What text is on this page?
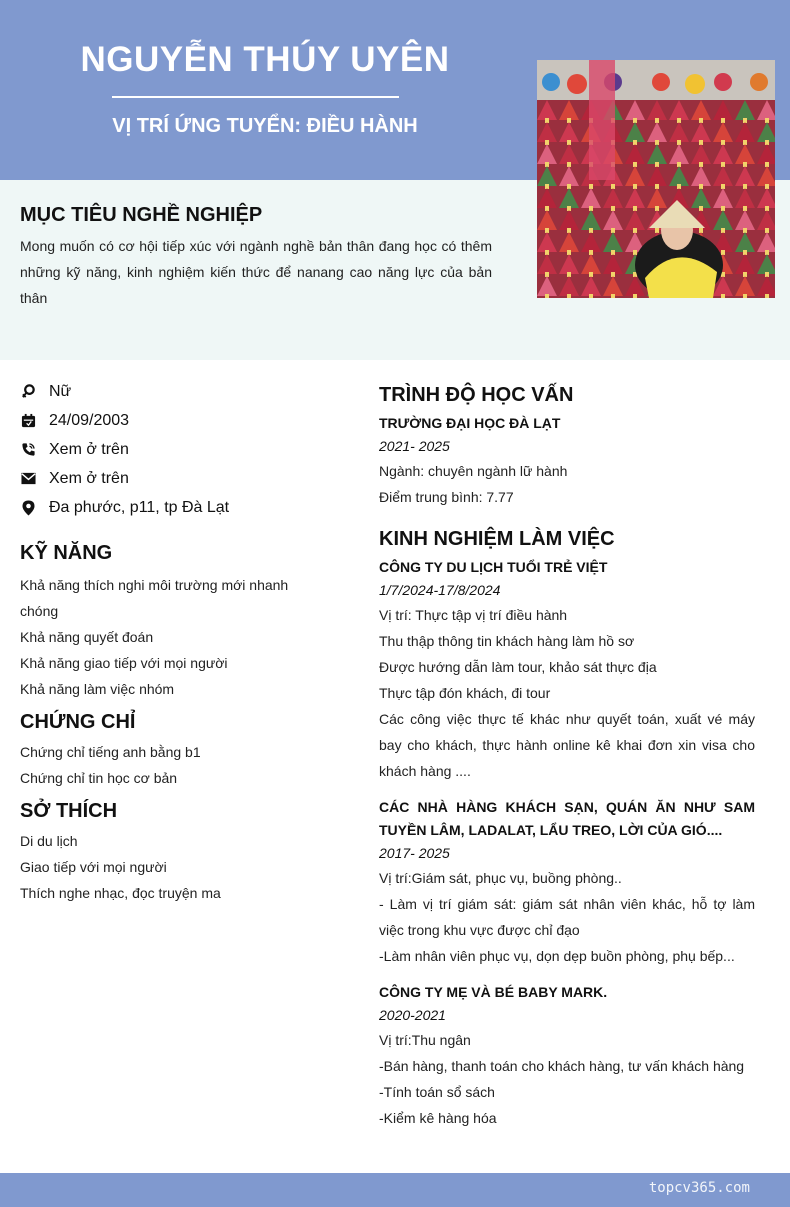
NGUYỄN THÚY UYÊN
VỊ TRÍ ỨNG TUYỂN: ĐIỀU HÀNH
MỤC TIÊU NGHỀ NGHIỆP
Mong muốn có cơ hội tiếp xúc với ngành nghề bản thân đang học có thêm những kỹ năng, kinh nghiệm kiến thức để nanang cao năng lực của bản thân
Nữ
24/09/2003
Xem ở trên
Xem ở trên
Đa phước, p11, tp Đà Lạt
KỸ NĂNG
Khả năng thích nghi môi trường mới nhanh chóng
Khả năng quyết đoán
Khả năng giao tiếp với mọi người
Khả năng làm việc nhóm
CHỨNG CHỈ
Chứng chỉ tiếng anh bằng b1
Chứng chỉ tin học cơ bản
SỞ THÍCH
Di du lịch
Giao tiếp với mọi người
Thích nghe nhạc, đọc truyện ma
TRÌNH ĐỘ HỌC VẤN
TRƯỜNG ĐẠI HỌC ĐÀ LẠT
2021- 2025
Ngành: chuyên ngành lữ hành
Điểm trung bình: 7.77
KINH NGHIỆM LÀM VIỆC
CÔNG TY DU LỊCH TUỔI TRẺ VIỆT
1/7/2024-17/8/2024
Vị trí: Thực tập vị trí điều hành
Thu thập thông tin khách hàng làm hồ sơ
Được hướng dẫn làm tour, khảo sát thực địa
Thực tập đón khách, đi tour
Các công việc thực tế khác như quyết toán, xuất vé máy bay cho khách, thực hành online kê khai đơn xin visa cho khách hàng ....
CÁC NHÀ HÀNG KHÁCH SẠN, QUÁN ĂN NHƯ SAM TUYỀN LÂM, LADALAT, LẨU TREO, LỜI CỦA GIÓ....
2017- 2025
Vị trí:Giám sát, phục vụ, buồng phòng..
- Làm vị trí giám sát: giám sát nhân viên khác, hỗ tợ làm việc trong khu vực được chỉ đạo
-Làm nhân viên phục vụ, dọn dẹp buồn phòng, phụ bếp...
CÔNG TY MẸ VÀ BÉ BABY MARK.
2020-2021
Vị trí:Thu ngân
-Bán hàng, thanh toán cho khách hàng, tư vấn khách hàng
-Tính toán sổ sách
-Kiểm kê hàng hóa
topcv365.com
